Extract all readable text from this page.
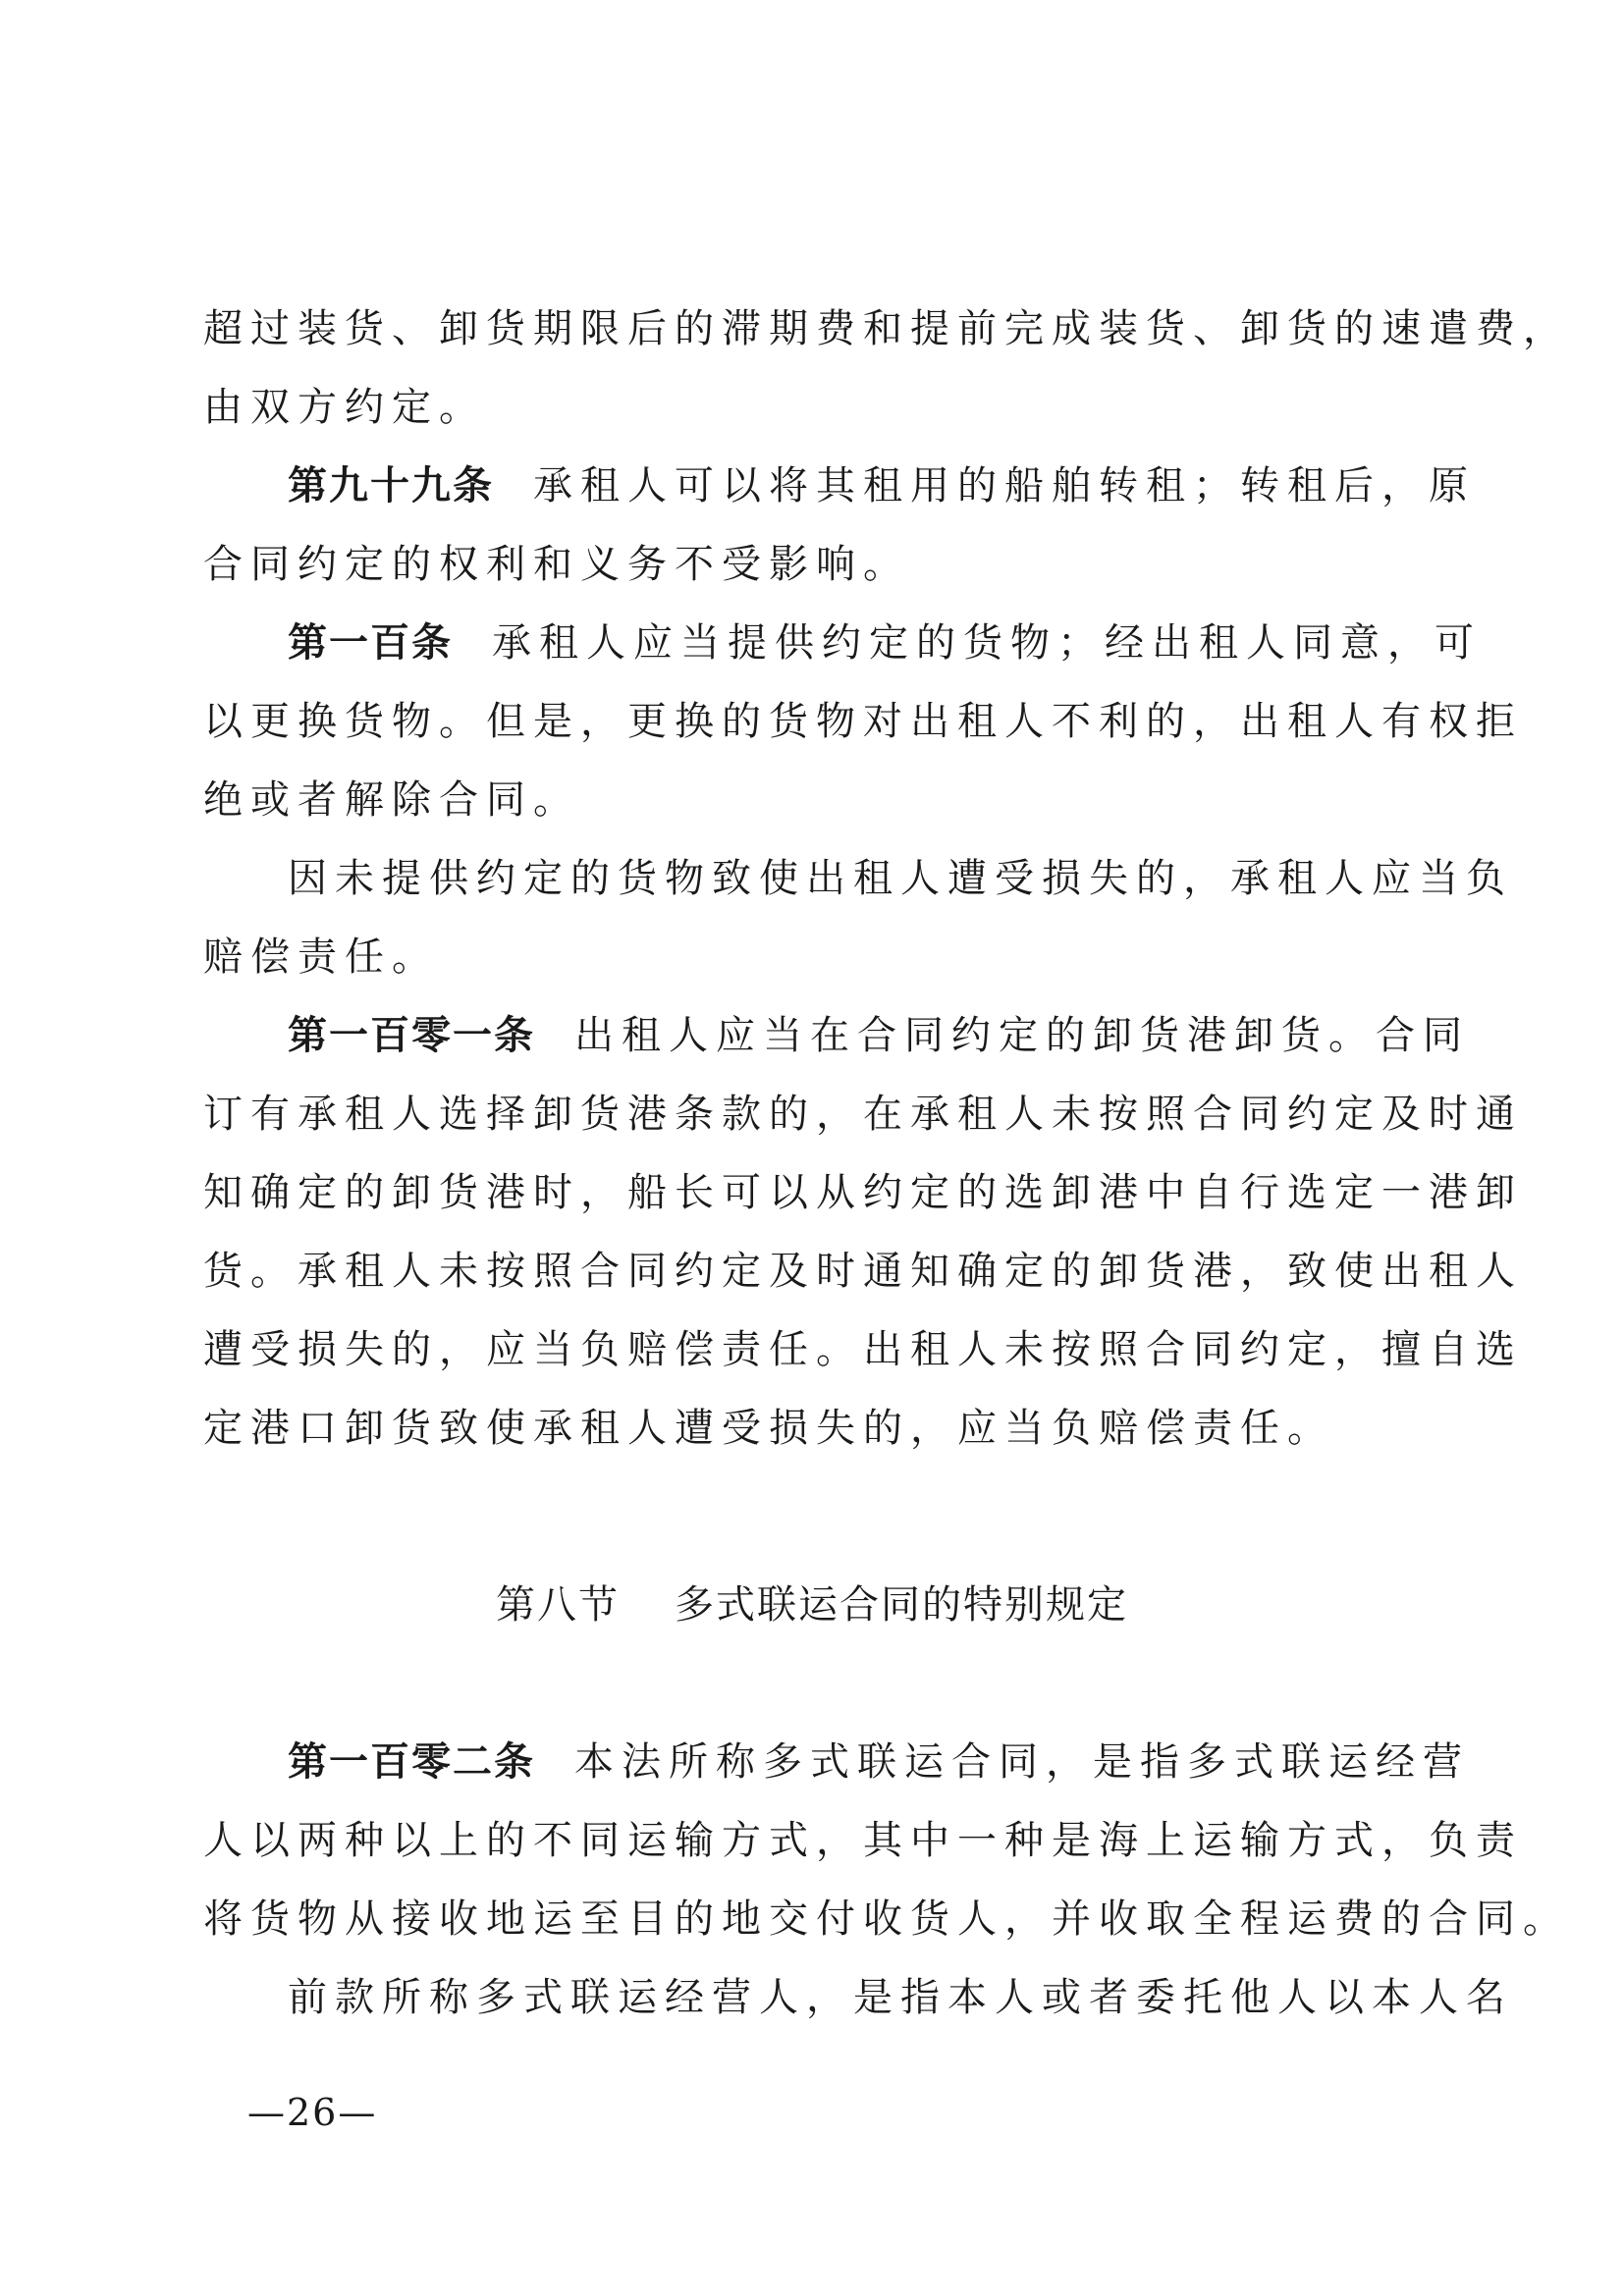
超过装货、卸货期限后的滞期费和提前完成装货、卸货的速遣费，
由双方约定。
第九十九条 承租人可以将其租用的船舶转租；转租后，原
合同约定的权利和义务不受影响。
第一百条 承租人应当提供约定的货物；经出租人同意，可
以更换货物。但是，更换的货物对出租人不利的，出租人有权拒
绝或者解除合同。
因未提供约定的货物致使出租人遭受损失的，承租人应当负
赔偿责任。
第一百零一条 出租人应当在合同约定的卸货港卸货。合同
订有承租人选择卸货港条款的，在承租人未按照合同约定及时通
知确定的卸货港时，船长可以从约定的选卸港中自行选定一港卸
货。承租人未按照合同约定及时通知确定的卸货港，致使出租人
遭受损失的，应当负赔偿责任。出租人未按照合同约定，擅自选
定港口卸货致使承租人遭受损失的，应当负赔偿责任。
第八节 多式联运合同的特别规定
第一百零二条 本法所称多式联运合同，是指多式联运经营
人以两种以上的不同运输方式，其中一种是海上运输方式，负责
将货物从接收地运至目的地交付收货人，并收取全程运费的合同。
前款所称多式联运经营人，是指本人或者委托他人以本人名
—26—
